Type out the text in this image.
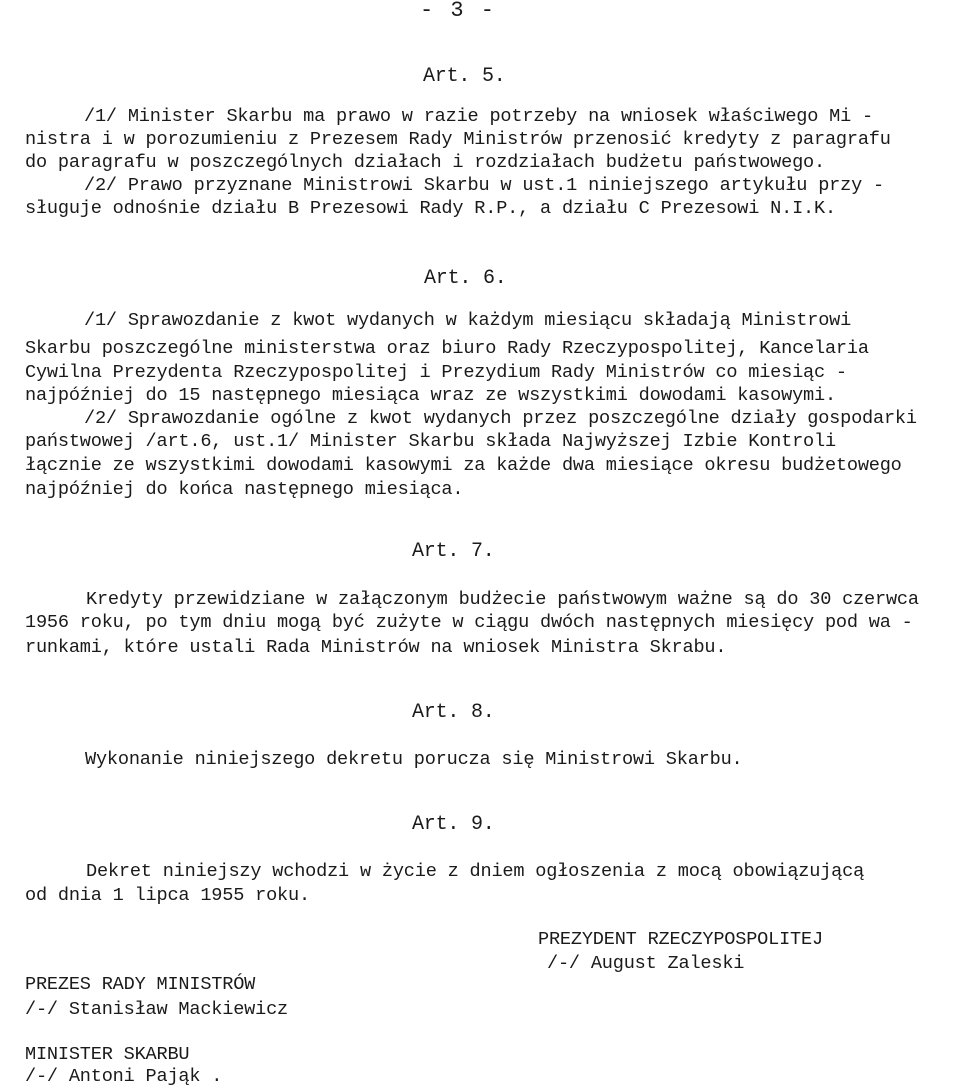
- 3 -
Art. 5.
/1/ Minister Skarbu ma prawo w razie potrzeby na wniosek właściwego Mi -
nistra i w porozumieniu z Prezesem Rady Ministrów przenosić kredyty z paragrafu
do paragrafu w poszczególnych działach i rozdziałach budżetu państwowego.
/2/ Prawo przyznane Ministrowi Skarbu w ust.1 niniejszego artykułu przy -
sługuje odnośnie działu B Prezesowi Rady R.P., a działu C Prezesowi N.I.K.
Art. 6.
/1/ Sprawozdanie z kwot wydanych w każdym miesiącu składają Ministrowi
Skarbu poszczególne ministerstwa oraz biuro Rady Rzeczypospolitej, Kancelaria
Cywilna Prezydenta Rzeczypospolitej i Prezydium Rady Ministrów co miesiąc -
najpóźniej do 15 następnego miesiąca wraz ze wszystkimi dowodami kasowymi.
/2/ Sprawozdanie ogólne z kwot wydanych przez poszczególne działy gospodarki
państwowej /art.6, ust.1/ Minister Skarbu składa Najwyższej Izbie Kontroli
łącznie ze wszystkimi dowodami kasowymi za każde dwa miesiące okresu budżetowego
najpóźniej do końca następnego miesiąca.
Art. 7.
Kredyty przewidziane w załączonym budżecie państwowym ważne są do 30 czerwca
1956 roku, po tym dniu mogą być zużyte w ciągu dwóch następnych miesięcy pod wa -
runkami, które ustali Rada Ministrów na wniosek Ministra Skrabu.
Art. 8.
Wykonanie niniejszego dekretu porucza się Ministrowi Skarbu.
Art. 9.
Dekret niniejszy wchodzi w życie z dniem ogłoszenia z mocą obowiązującą
od dnia 1 lipca 1955 roku.
PREZYDENT RZECZYPOSPOLITEJ
/-/ August Zaleski
PREZES RADY MINISTRÓW
/-/ Stanisław Mackiewicz
MINISTER SKARBU
/-/ Antoni Pająk .
